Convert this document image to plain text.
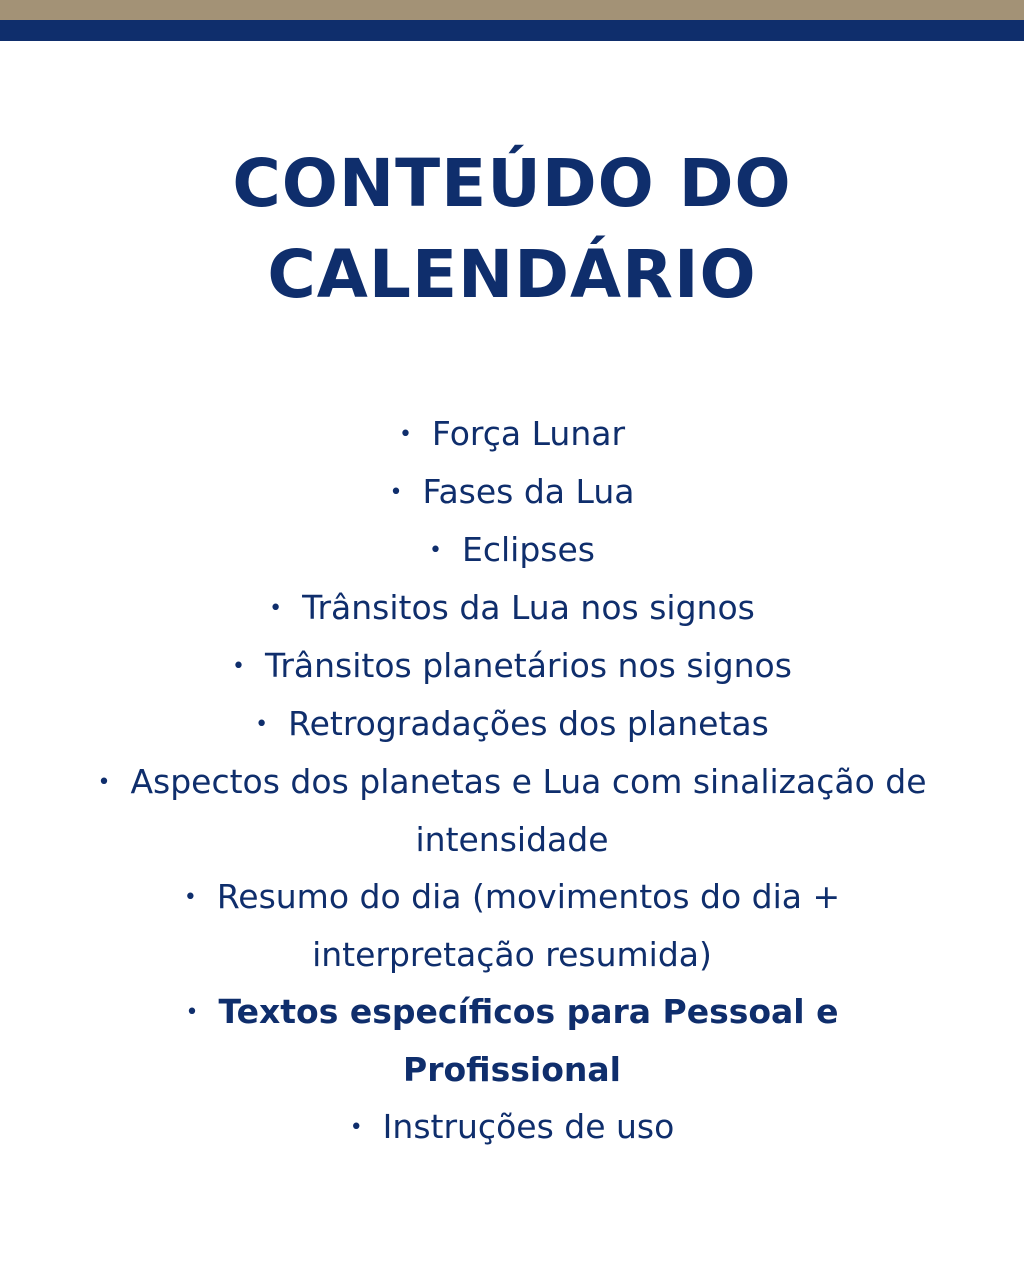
CONTEÚDO DO
CALENDÁRIO
• Força Lunar
• Fases da Lua
• Eclipses
• Trânsitos da Lua nos signos
• Trânsitos planetários nos signos
• Retrogradações dos planetas
• Aspectos dos planetas e Lua com sinalização de intensidade
• Resumo do dia (movimentos do dia + interpretação resumida)
• Textos específicos para Pessoal e Profissional
• Instruções de uso
